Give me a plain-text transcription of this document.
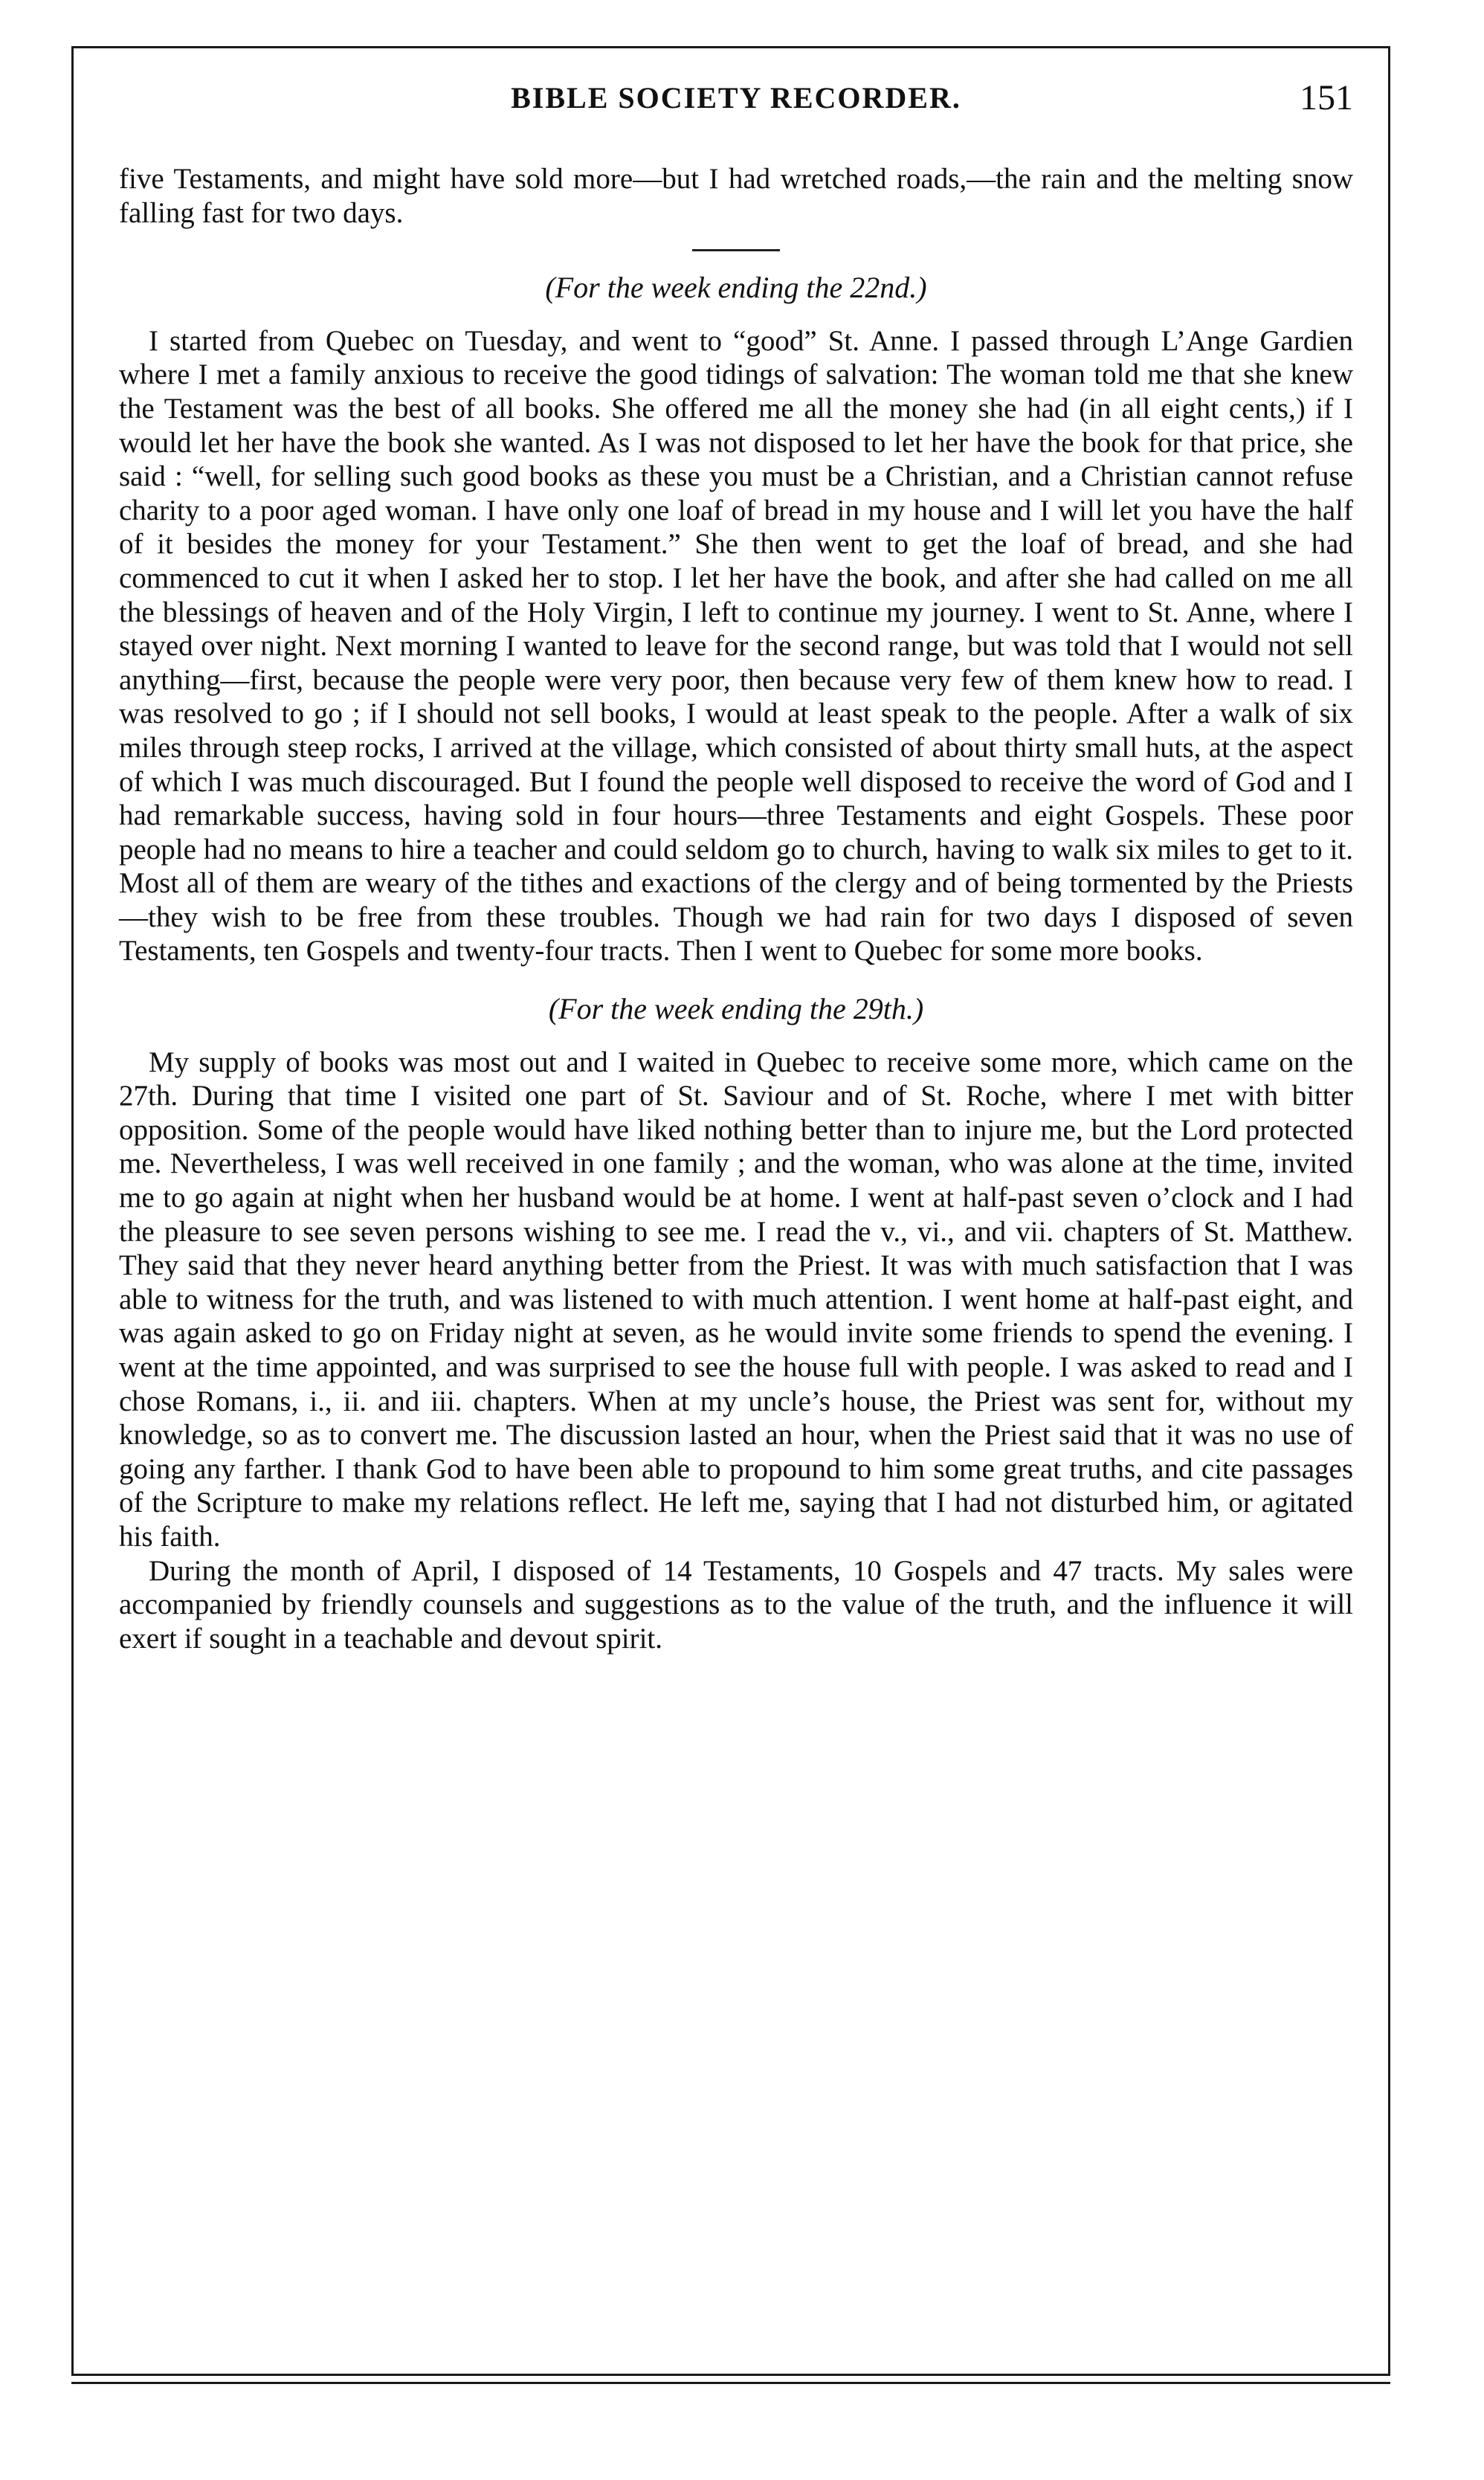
BIBLE SOCIETY RECORDER.	151

five Testaments, and might have sold more—but I had wretched roads,—the rain and the melting snow falling fast for two days.

(For the week ending the 22nd.)

I started from Quebec on Tuesday, and went to “good” St. Anne. I passed through L’Ange Gardien where I met a family anxious to receive the good tidings of salvation: The woman told me that she knew the Testament was the best of all books. She offered me all the money she had (in all eight cents,) if I would let her have the book she wanted. As I was not disposed to let her have the book for that price, she said : “well, for selling such good books as these you must be a Christian, and a Christian cannot refuse charity to a poor aged woman. I have only one loaf of bread in my house and I will let you have the half of it besides the money for your Testament.” She then went to get the loaf of bread, and she had commenced to cut it when I asked her to stop. I let her have the book, and after she had called on me all the blessings of heaven and of the Holy Virgin, I left to continue my journey. I went to St. Anne, where I stayed over night. Next morning I wanted to leave for the second range, but was told that I would not sell anything—first, because the people were very poor, then because very few of them knew how to read. I was resolved to go ; if I should not sell books, I would at least speak to the people. After a walk of six miles through steep rocks, I arrived at the village, which consisted of about thirty small huts, at the aspect of which I was much discouraged. But I found the people well disposed to receive the word of God and I had remarkable success, having sold in four hours—three Testaments and eight Gospels. These poor people had no means to hire a teacher and could seldom go to church, having to walk six miles to get to it. Most all of them are weary of the tithes and exactions of the clergy and of being tormented by the Priests—they wish to be free from these troubles. Though we had rain for two days I disposed of seven Testaments, ten Gospels and twenty-four tracts. Then I went to Quebec for some more books.

(For the week ending the 29th.)

My supply of books was most out and I waited in Quebec to receive some more, which came on the 27th. During that time I visited one part of St. Saviour and of St. Roche, where I met with bitter opposition. Some of the people would have liked nothing better than to injure me, but the Lord protected me. Nevertheless, I was well received in one family ; and the woman, who was alone at the time, invited me to go again at night when her husband would be at home. I went at half-past seven o’clock and I had the pleasure to see seven persons wishing to see me. I read the v., vi., and vii. chapters of St. Matthew. They said that they never heard anything better from the Priest. It was with much satisfaction that I was able to witness for the truth, and was listened to with much attention. I went home at half-past eight, and was again asked to go on Friday night at seven, as he would invite some friends to spend the evening. I went at the time appointed, and was surprised to see the house full with people. I was asked to read and I chose Romans, i., ii. and iii. chapters. When at my uncle’s house, the Priest was sent for, without my knowledge, so as to convert me. The discussion lasted an hour, when the Priest said that it was no use of going any farther. I thank God to have been able to propound to him some great truths, and cite passages of the Scripture to make my relations reflect. He left me, saying that I had not disturbed him, or agitated his faith.

During the month of April, I disposed of 14 Testaments, 10 Gospels and 47 tracts. My sales were accompanied by friendly counsels and suggestions as to the value of the truth, and the influence it will exert if sought in a teachable and devout spirit.
